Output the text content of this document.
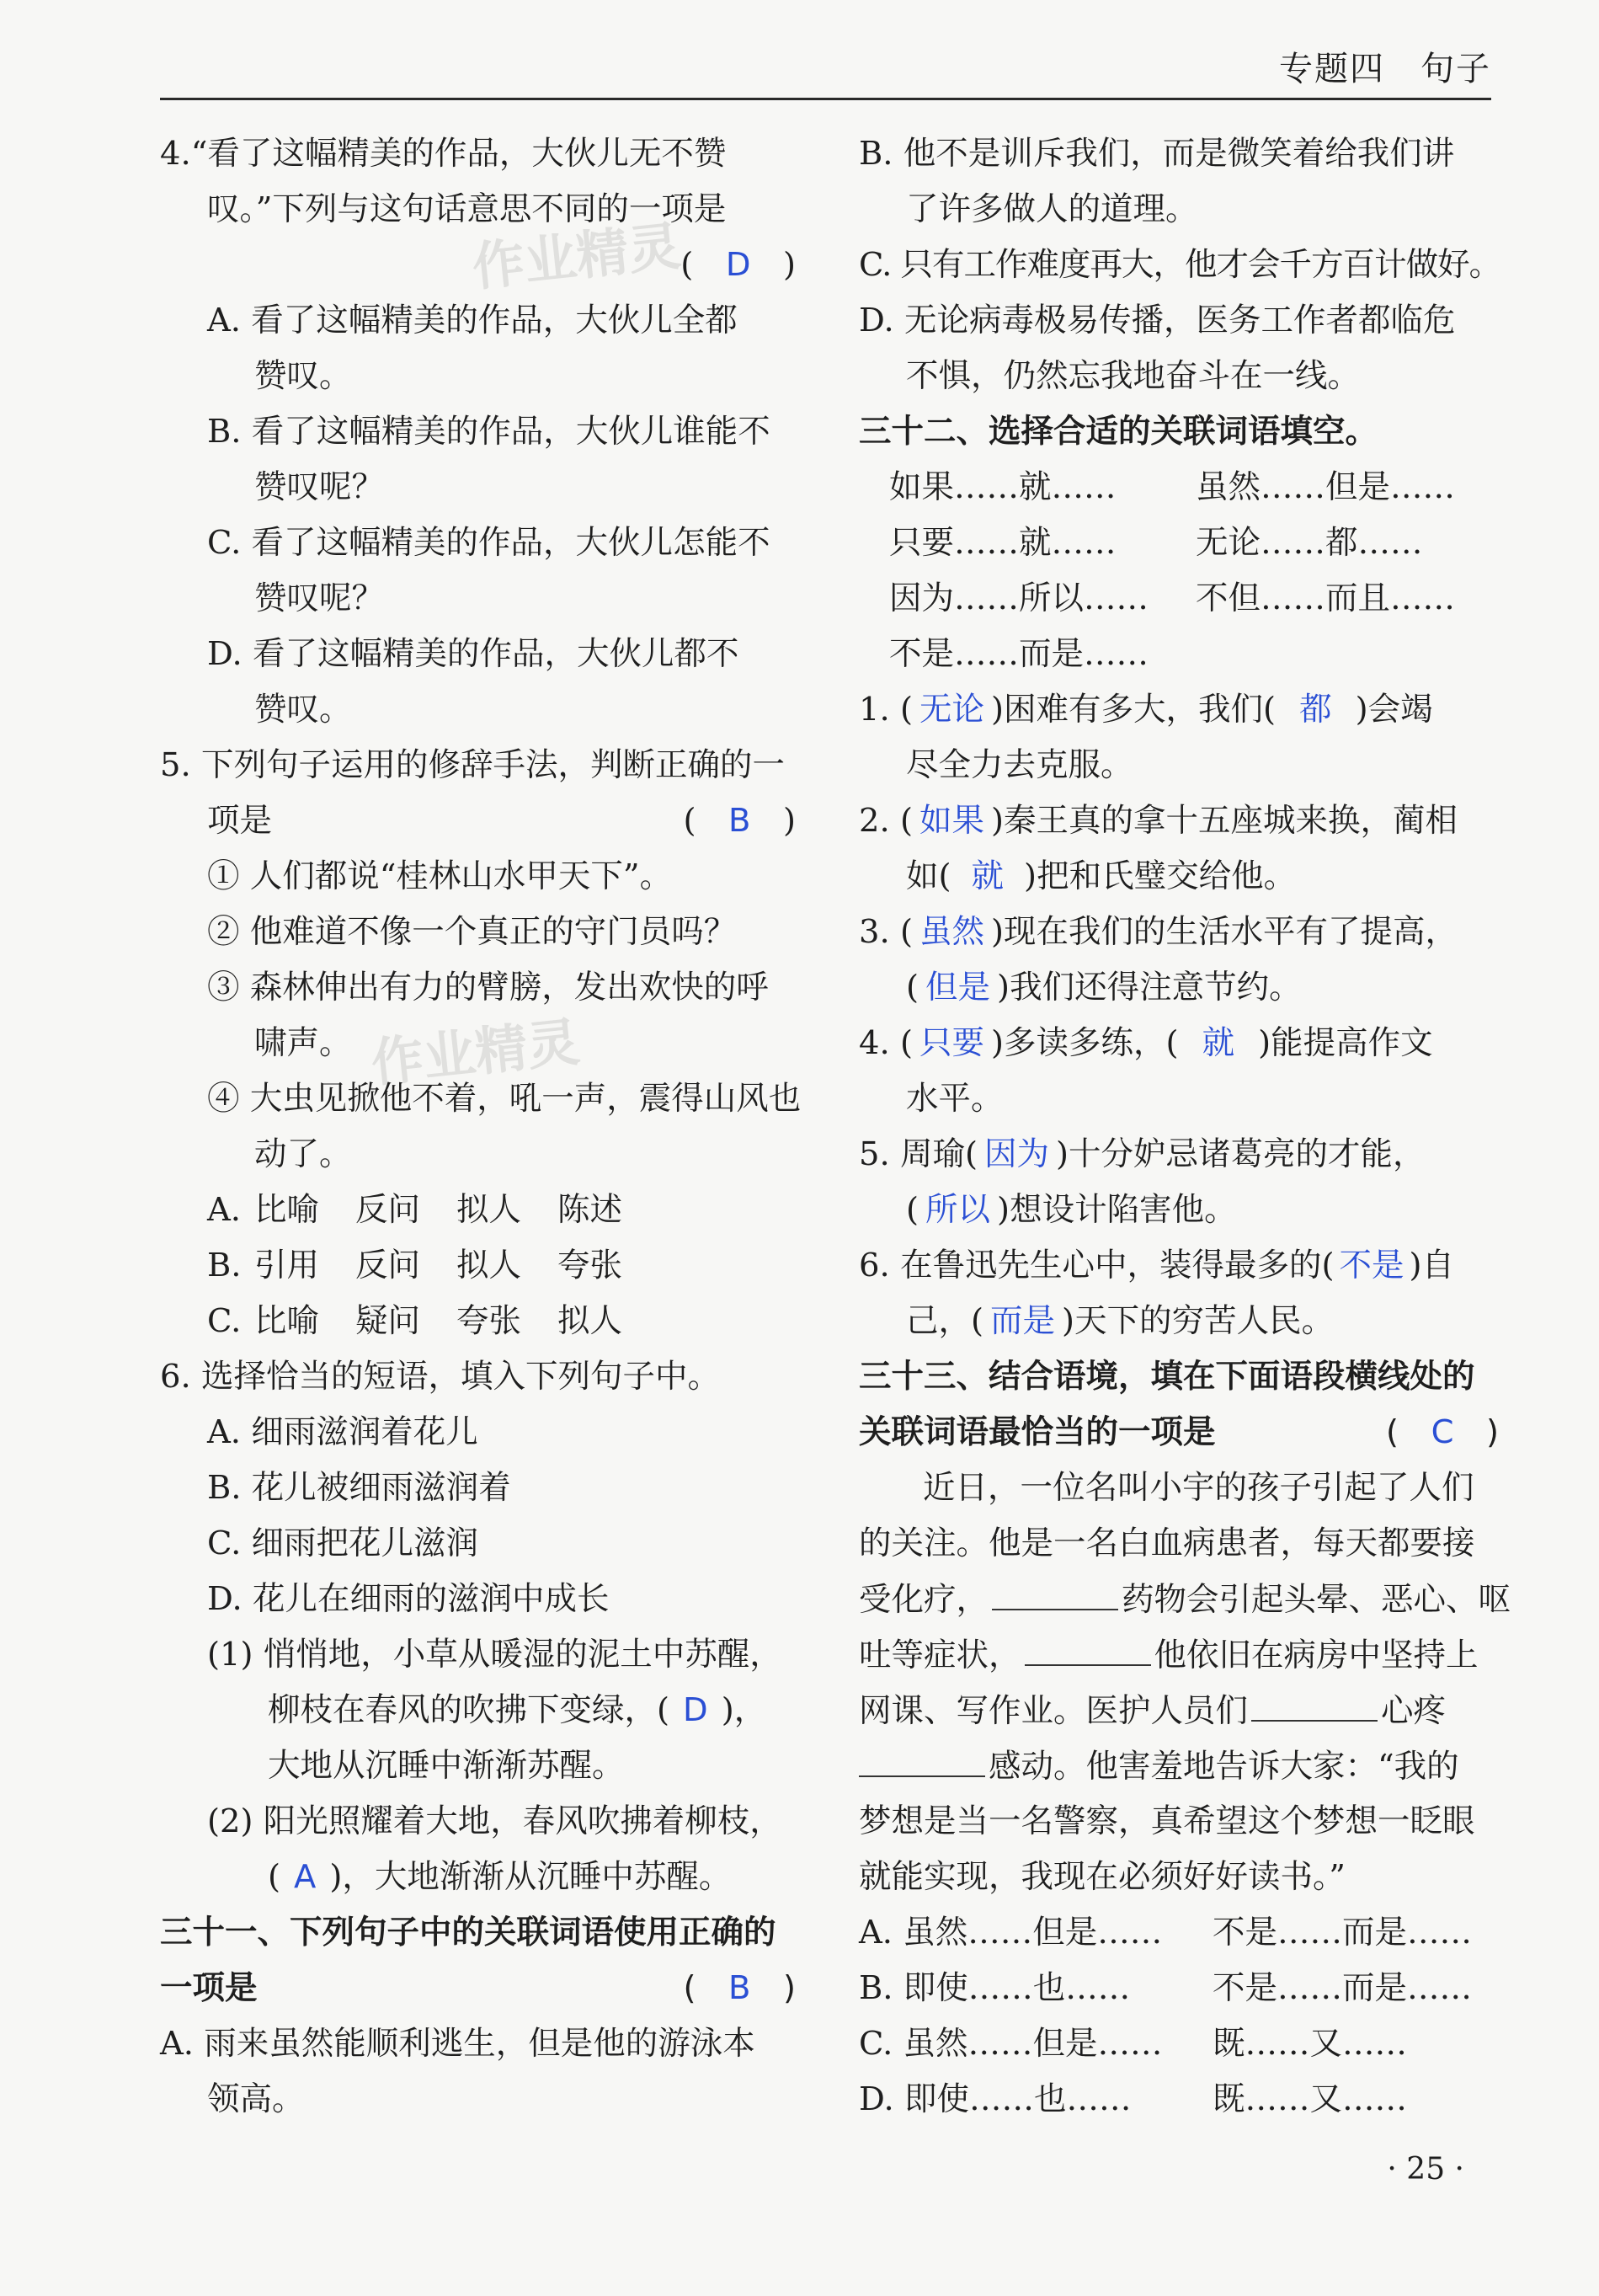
专题四　句子
作业精灵
作业精灵
4.“看了这幅精美的作品，大伙儿无不赞
叹。”下列与这句话意思不同的一项是
(　D　)
A. 看了这幅精美的作品，大伙儿全都
赞叹。
B. 看了这幅精美的作品，大伙儿谁能不
赞叹呢？
C. 看了这幅精美的作品，大伙儿怎能不
赞叹呢？
D. 看了这幅精美的作品，大伙儿都不
赞叹。
5. 下列句子运用的修辞手法，判断正确的一
项是	(　B　)
① 人们都说“桂林山水甲天下”。
② 他难道不像一个真正的守门员吗？
③ 森林伸出有力的臂膀，发出欢快的呼
啸声。
④ 大虫见掀他不着，吼一声，震得山风也
动了。
A. 比喻 反问 拟人 陈述
B. 引用 反问 拟人 夸张
C. 比喻 疑问 夸张 拟人
6. 选择恰当的短语，填入下列句子中。
A. 细雨滋润着花儿
B. 花儿被细雨滋润着
C. 细雨把花儿滋润
D. 花儿在细雨的滋润中成长
(1) 悄悄地，小草从暖湿的泥土中苏醒，
柳枝在春风的吹拂下变绿，( D )，
大地从沉睡中渐渐苏醒。
(2) 阳光照耀着大地，春风吹拂着柳枝，
( A )，大地渐渐从沉睡中苏醒。
三十一、下列句子中的关联词语使用正确的
一项是	(　B　)
A. 雨来虽然能顺利逃生，但是他的游泳本
领高。
B. 他不是训斥我们，而是微笑着给我们讲
了许多做人的道理。
C. 只有工作难度再大，他才会千方百计做好。
D. 无论病毒极易传播，医务工作者都临危
不惧，仍然忘我地奋斗在一线。
三十二、选择合适的关联词语填空。
如果……就…… 虽然……但是……
只要……就…… 无论……都……
因为……所以…… 不但……而且……
不是……而是……
1. ( 无论 )困难有多大，我们( 都 )会竭
尽全力去克服。
2. ( 如果 )秦王真的拿十五座城来换，蔺相
如( 就 )把和氏璧交给他。
3. ( 虽然 )现在我们的生活水平有了提高，
( 但是 )我们还得注意节约。
4. ( 只要 )多读多练，( 就 )能提高作文
水平。
5. 周瑜( 因为 )十分妒忌诸葛亮的才能，
( 所以 )想设计陷害他。
6. 在鲁迅先生心中，装得最多的( 不是 )自
己，( 而是 )天下的穷苦人民。
三十三、结合语境，填在下面语段横线处的
关联词语最恰当的一项是	(　C　)
近日，一位名叫小宇的孩子引起了人们
的关注。他是一名白血病患者，每天都要接
受化疗，	药物会引起头晕、恶心、呕
吐等症状，	他依旧在病房中坚持上
网课、写作业。医护人员们	心疼
感动。他害羞地告诉大家：“我的
梦想是当一名警察，真希望这个梦想一眨眼
就能实现，我现在必须好好读书。”
A. 虽然……但是…… 不是……而是……
B. 即使……也……	不是……而是……
C. 虽然……但是…… 既……又……
D. 即使……也……	既……又……
· 25 ·
